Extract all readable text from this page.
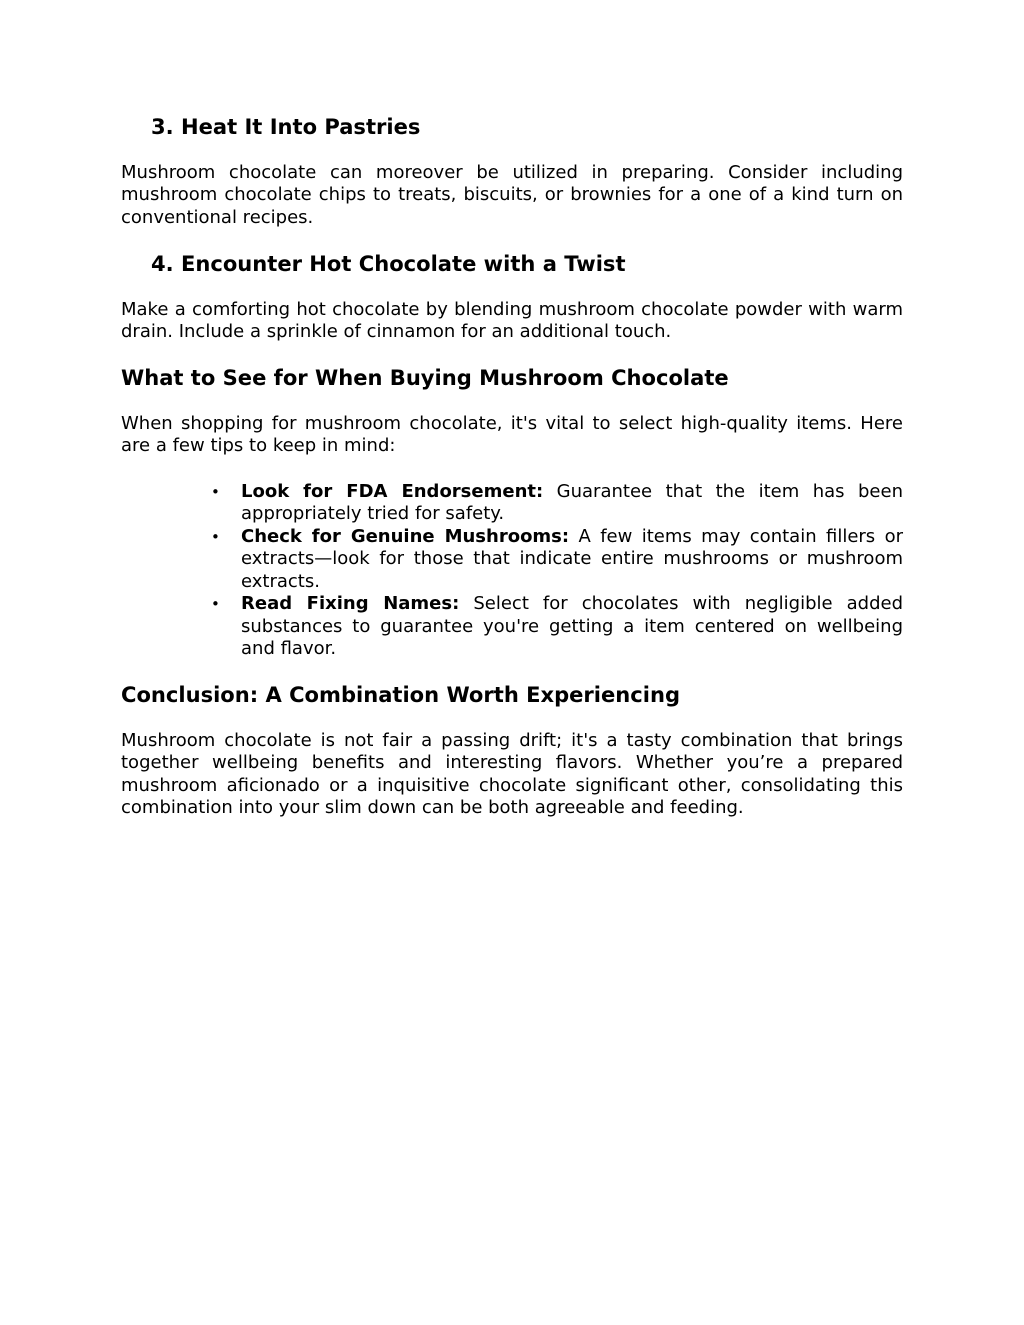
3. Heat It Into Pastries

Mushroom chocolate can moreover be utilized in preparing. Consider including mushroom chocolate chips to treats, biscuits, or brownies for a one of a kind turn on conventional recipes.

4. Encounter Hot Chocolate with a Twist

Make a comforting hot chocolate by blending mushroom chocolate powder with warm drain. Include a sprinkle of cinnamon for an additional touch.

What to See for When Buying Mushroom Chocolate

When shopping for mushroom chocolate, it's vital to select high-quality items. Here are a few tips to keep in mind:

• Look for FDA Endorsement: Guarantee that the item has been appropriately tried for safety.
• Check for Genuine Mushrooms: A few items may contain fillers or extracts—look for those that indicate entire mushrooms or mushroom extracts.
• Read Fixing Names: Select for chocolates with negligible added substances to guarantee you're getting a item centered on wellbeing and flavor.
Conclusion: A Combination Worth Experiencing

Mushroom chocolate is not fair a passing drift; it's a tasty combination that brings together wellbeing benefits and interesting flavors. Whether you’re a prepared mushroom aficionado or a inquisitive chocolate significant other, consolidating this combination into your slim down can be both agreeable and feeding.
